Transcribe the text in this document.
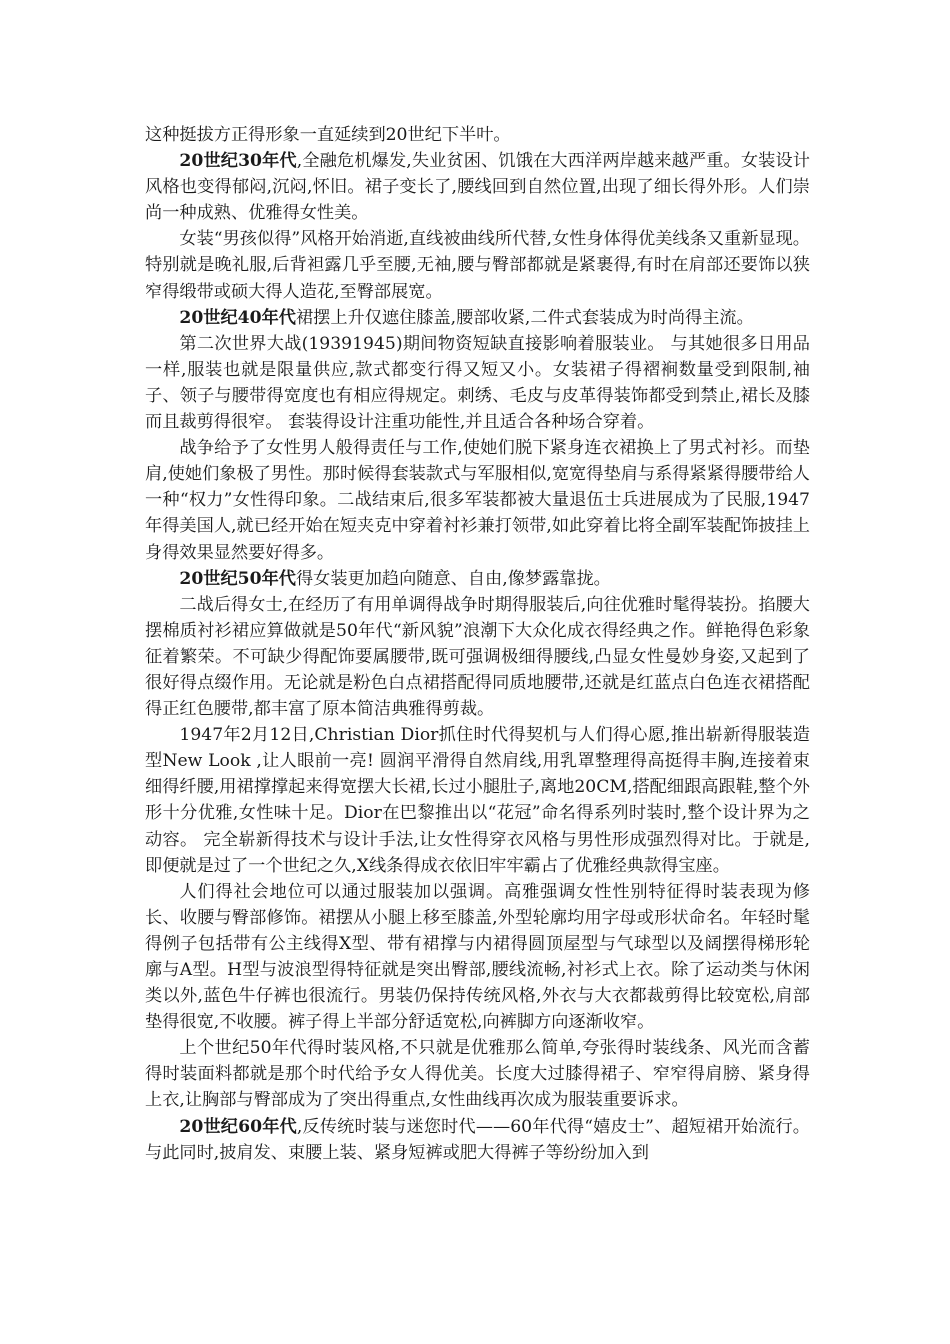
这种挺拔方正得形象一直延续到20世纪下半叶。

20世纪30年代,全融危机爆发,失业贫困、饥饿在大西洋两岸越来越严重。女装设计风格也变得郁闷,沉闷,怀旧。裙子变长了,腰线回到自然位置,出现了细长得外形。人们崇尚一种成熟、优雅得女性美。

女装“男孩似得”风格开始消逝,直线被曲线所代替,女性身体得优美线条又重新显现。特别就是晚礼服,后背袒露几乎至腰,无袖,腰与臀部都就是紧裹得,有时在肩部还要饰以狭窄得缎带或硕大得人造花,至臀部展宽。

20世纪40年代裙摆上升仅遮住膝盖,腰部收紧,二件式套装成为时尚得主流。

第二次世界大战(19391945)期间物资短缺直接影响着服装业。 与其她很多日用品一样,服装也就是限量供应,款式都变行得又短又小。女装裙子得褶裥数量受到限制,袖子、领子与腰带得宽度也有相应得规定。刺绣、毛皮与皮革得装饰都受到禁止,裙长及膝而且裁剪得很窄。 套装得设计注重功能性,并且适合各种场合穿着。

战争给予了女性男人般得责任与工作,使她们脱下紧身连衣裙换上了男式衬衫。而垫肩,使她们象极了男性。那时候得套装款式与军服相似,宽宽得垫肩与系得紧紧得腰带给人一种“权力”女性得印象。二战结束后,很多军装都被大量退伍士兵进展成为了民服,1947年得美国人,就已经开始在短夹克中穿着衬衫兼打领带,如此穿着比将全副军装配饰披挂上身得效果显然要好得多。

20世纪50年代得女装更加趋向随意、自由,像梦露靠拢。

二战后得女士,在经历了有用单调得战争时期得服装后,向往优雅时髦得装扮。掐腰大摆棉质衬衫裙应算做就是50年代“新风貌”浪潮下大众化成衣得经典之作。鲜艳得色彩象征着繁荣。不可缺少得配饰要属腰带,既可强调极细得腰线,凸显女性曼妙身姿,又起到了很好得点缀作用。无论就是粉色白点裙搭配得同质地腰带,还就是红蓝点白色连衣裙搭配得正红色腰带,都丰富了原本简洁典雅得剪裁。

1947年2月12日,Christian Dior抓住时代得契机与人们得心愿,推出崭新得服装造型New Look ,让人眼前一亮! 圆润平滑得自然肩线,用乳罩整理得高挺得丰胸,连接着束细得纤腰,用裙撑撑起来得宽摆大长裙,长过小腿肚子,离地20CM,搭配细跟高跟鞋,整个外形十分优雅,女性味十足。Dior在巴黎推出以“花冠”命名得系列时装时,整个设计界为之动容。 完全崭新得技术与设计手法,让女性得穿衣风格与男性形成强烈得对比。于就是,即便就是过了一个世纪之久,X线条得成衣依旧牢牢霸占了优雅经典款得宝座。

人们得社会地位可以通过服装加以强调。高雅强调女性性别特征得时装表现为修长、收腰与臀部修饰。裙摆从小腿上移至膝盖,外型轮廓均用字母或形状命名。年轻时髦得例子包括带有公主线得X型、带有裙撑与内裙得圆顶屋型与气球型以及阔摆得梯形轮廓与A型。H型与波浪型得特征就是突出臀部,腰线流畅,衬衫式上衣。除了运动类与休闲类以外,蓝色牛仔裤也很流行。男装仍保持传统风格,外衣与大衣都裁剪得比较宽松,肩部垫得很宽,不收腰。裤子得上半部分舒适宽松,向裤脚方向逐渐收窄。

上个世纪50年代得时装风格,不只就是优雅那么简单,夸张得时装线条、风光而含蓄得时装面料都就是那个时代给予女人得优美。长度大过膝得裙子、窄窄得肩膀、紧身得上衣,让胸部与臀部成为了突出得重点,女性曲线再次成为服装重要诉求。

20世纪60年代,反传统时装与迷您时代——60年代得“嬉皮士”、超短裙开始流行。与此同时,披肩发、束腰上装、紧身短裤或肥大得裤子等纷纷加入到
